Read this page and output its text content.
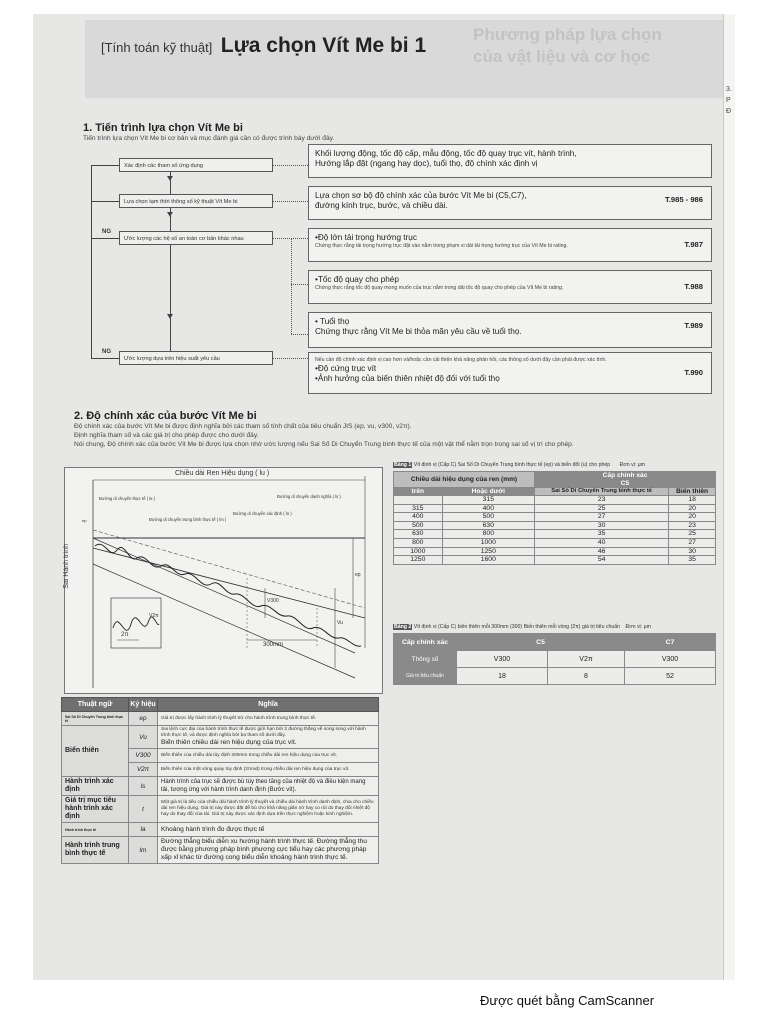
Phương pháp lựa chọn
của vật liệu và cơ học
[Tính toán kỹ thuật] Lựa chọn Vít Me bi 1
1. Tiến trình lựa chọn Vít Me bi
Tiến trình lựa chọn Vít Me bi cơ bản và mục đánh giá cần có được trình bày dưới đây.
NG
NG
Xác định các tham số ứng dụng
Lựa chọn tạm thời thông số kỹ thuật Vít Me bi
Ước lượng các hệ số an toàn cơ bản khác nhau
Ước lượng dựa trên hiệu suất yêu cầu
Khối lượng động, tốc độ cấp, mẫu động, tốc độ quay trục vít, hành trình,
Hướng lắp đặt (ngang hay dọc), tuổi thọ, độ chính xác định vị
Lựa chọn sơ bộ độ chính xác của bước Vít Me bi (C5,C7),
đường kính trục, bước, và chiều dài.
T.985 - 986
•Độ lớn tải trọng hướng trục
Chứng thực rằng tải trọng hướng trục đặt vào nằm trong phạm vi dải tải trọng hướng trục của Vít Me bi rating.	T.987
•Tốc độ quay cho phép
Chứng thực rằng tốc độ quay mong muốn của trục nằm trong dải tốc độ quay cho phép của Vít Me bi rating.	T.988
• Tuổi thọ
Chứng thực rằng Vít Me bi thỏa mãn yêu cầu về tuổi thọ.
T.989
Nếu cần độ chính xác định vị cao hơn và/hoặc cần cải thiện khả năng phản hồi, các thông số dưới đây cần phải được xác tính.
•Độ cứng trục vít
•Ảnh hưởng của biến thiên nhiệt độ đối với tuổi thọ
T.990
2. Độ chính xác của bước Vít Me bi
Độ chính xác của bước Vít Me bi được định nghĩa bởi các tham số tính chất của tiêu chuẩn JIS (ep, vu, v300, v2π).
Định nghĩa tham số và các giá trị cho phép được cho dưới đây.
Nói chung, Độ chính xác của bước Vít Me bi được lựa chọn nhờ ước lượng nếu Sai Số Di Chuyển Trung bình thực tế của một vật thể nằm trọn trong sai số vị trí cho phép.
3.
P
Đ
Chiều dài Ren Hiệu dụng ( lu )
Sai Hành trình
ep
Đường di chuyển thực tế ( la )	Đường di chuyển danh nghĩa ( ls )
Đường di chuyển trung bình thực tế ( lm )
Đường di chuyển xác định ( lo )
V300
Vu
ep
V2π
2π
300mm
Bảng 1 Vít định vị (Cấp C) Sai Số Di Chuyển Trung bình thực tế (ep) và biến đổi (u) cho phép Đơn vị: µm
Chiều dài hiệu dụng của ren (mm)		Cấp chính xác	
		C5	
trên	Hoặc dưới	Sai Số Di Chuyển Trung bình thực tế	Biến thiên
	315	23	18
315	400	25	20
400	500	27	20
500	630	30	23
630	800	35	25
800	1000	40	27
1000	1250	46	30
1250	1600	54	35
Bảng 2 Vít định vị (Cấp C) biến thiên mỗi 300mm (300) Biến thiên mỗi vòng (2π) giá trị tiêu chuẩn Đơn vị: µm
Cấp chính xác	C5		C7
Thông số	V300	V2π	V300
Giá trị tiêu chuẩn	18	8	52
Thuật ngữ	Ký hiệu	Nghĩa
Sai Số Di Chuyển Trung bình thực tế	ep	Giá trị được lấy hành trình lý thuyết trừ cho hành trình trung bình thực tế.

Biến thiên	Vu	Sai lệch cực đại của hành trình thực tế được giới hạn bởi 2 đường thẳng về song song với hành trình thực tế, và được định nghĩa bởi ba tham số dưới đây.
Biến thiên chiều dài ren hiệu dụng của trục vít.

	V300	Biến thiên của chiều dài tùy định 300mm trong chiều dài ren hiệu dụng của trục vít.

	V2π	Biến thiên của một vòng quay tùy định (2πrad) trong chiều dài ren hiệu dụng của trục vít.

Hành trình xác định	ls	Hành trình của trục sẽ được bù tùy theo tăng của nhiệt độ và điều kiện mang tải, tương ứng với hành trình danh định (Bước vít).

Giá trị mục tiêu hành trình xác định	t	Một giá trị là tiêu của chiều dài hành trình lý thuyết và chiều dài hành trình danh định, chia cho chiều dài ren hiệu dụng. Giá trị này được đặt để bù cho khả năng giãn nở hay co rút do thay đổi nhiệt độ hay do thay đổi của tải. Giá trị này được xác định dựa trên thực nghiệm hoặc kinh nghiệm.

Hành trình thực tế	la	Khoảng hành trình đo được thực tế

Hành trình trung bình thực tế	lm	Đường thẳng biểu diễn xu hướng hành trình thực tế. Đường thẳng thu được bằng phương pháp bình phương cực tiểu hay các phương pháp xấp xỉ khác từ đường cong biểu diễn khoảng hành trình thực tế.
Được quét bằng CamScanner
